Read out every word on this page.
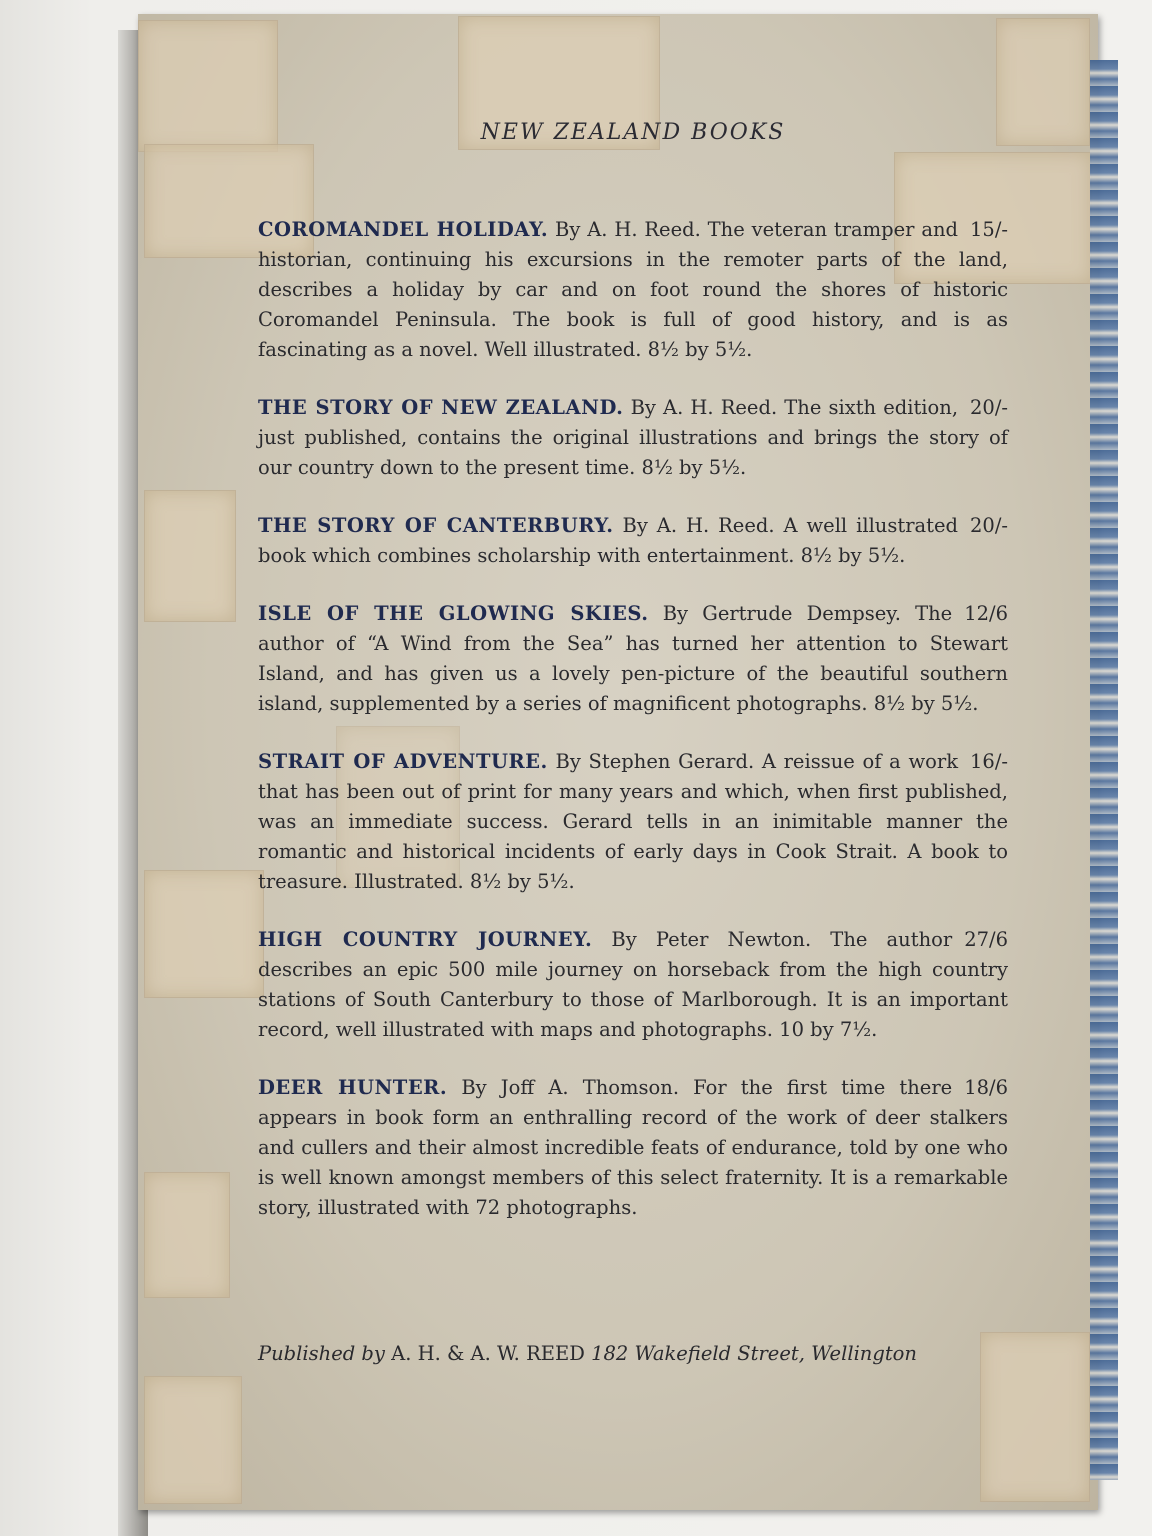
NEW ZEALAND BOOKS
15/-
COROMANDEL HOLIDAY. By A. H. Reed. The veteran tramper and historian, continuing his excursions in the remoter parts of the land, describes a holiday by car and on foot round the shores of historic Coromandel Peninsula. The book is full of good history, and is as fascinating as a novel. Well illustrated. 8½ by 5½.
20/-
THE STORY OF NEW ZEALAND. By A. H. Reed. The sixth edition, just published, contains the original illustrations and brings the story of our country down to the present time. 8½ by 5½.
20/-
THE STORY OF CANTERBURY. By A. H. Reed. A well illustrated book which combines scholarship with entertainment. 8½ by 5½.
12/6
ISLE OF THE GLOWING SKIES. By Gertrude Dempsey. The author of “A Wind from the Sea” has turned her attention to Stewart Island, and has given us a lovely pen-picture of the beautiful southern island, supplemented by a series of magnificent photographs. 8½ by 5½.
16/-
STRAIT OF ADVENTURE. By Stephen Gerard. A reissue of a work that has been out of print for many years and which, when first published, was an immediate success. Gerard tells in an inimitable manner the romantic and historical incidents of early days in Cook Strait. A book to treasure. Illustrated. 8½ by 5½.
27/6
HIGH COUNTRY JOURNEY. By Peter Newton. The author describes an epic 500 mile journey on horseback from the high country stations of South Canterbury to those of Marlborough. It is an important record, well illustrated with maps and photographs. 10 by 7½.
18/6
DEER HUNTER. By Joff A. Thomson. For the first time there appears in book form an enthralling record of the work of deer stalkers and cullers and their almost incredible feats of endurance, told by one who is well known amongst members of this select fraternity. It is a remarkable story, illustrated with 72 photographs.
Published by A. H. & A. W. REED 182 Wakefield Street, Wellington
